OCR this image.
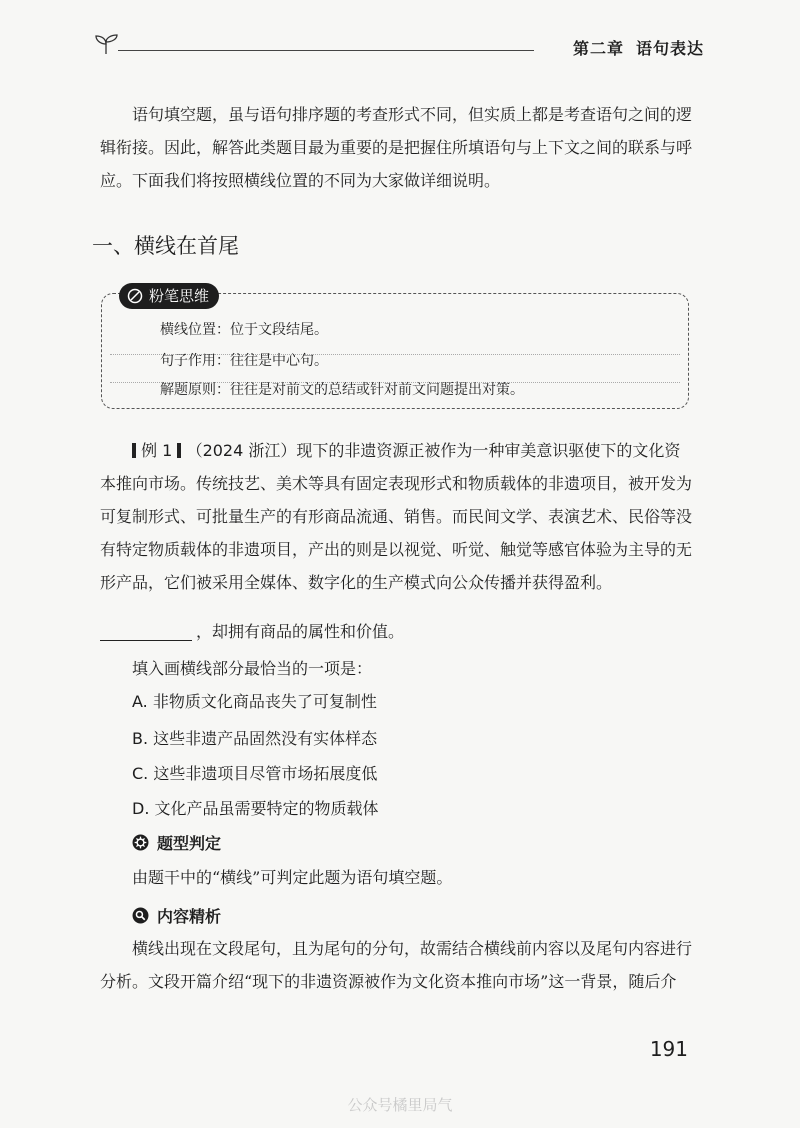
第二章 语句表达

语句填空题，虽与语句排序题的考查形式不同，但实质上都是考查语句之间的逻辑衔接。因此，解答此类题目最为重要的是把握住所填语句与上下文之间的联系与呼应。下面我们将按照横线位置的不同为大家做详细说明。

一、横线在首尾
粉笔思维
横线位置：位于文段结尾。
句子作用：往往是中心句。
解题原则：往往是对前文的总结或针对前文问题提出对策。

例 1 （2024 浙江）现下的非遗资源正被作为一种审美意识驱使下的文化资本推向市场。传统技艺、美术等具有固定表现形式和物质载体的非遗项目，被开发为可复制形式、可批量生产的有形商品流通、销售。而民间文学、表演艺术、民俗等没有特定物质载体的非遗项目，产出的则是以视觉、听觉、触觉等感官体验为主导的无形产品，它们被采用全媒体、数字化的生产模式向公众传播并获得盈利。

，却拥有商品的属性和价值。

填入画横线部分最恰当的一项是：
A. 非物质文化商品丧失了可复制性
B. 这些非遗产品固然没有实体样态
C. 这些非遗项目尽管市场拓展度低
D. 文化产品虽需要特定的物质载体
题型判定

由题干中的“横线”可判定此题为语句填空题。

内容精析

横线出现在文段尾句，且为尾句的分句，故需结合横线前内容以及尾句内容进行分析。文段开篇介绍“现下的非遗资源被作为文化资本推向市场”这一背景，随后介

191
公众号橘里局气
